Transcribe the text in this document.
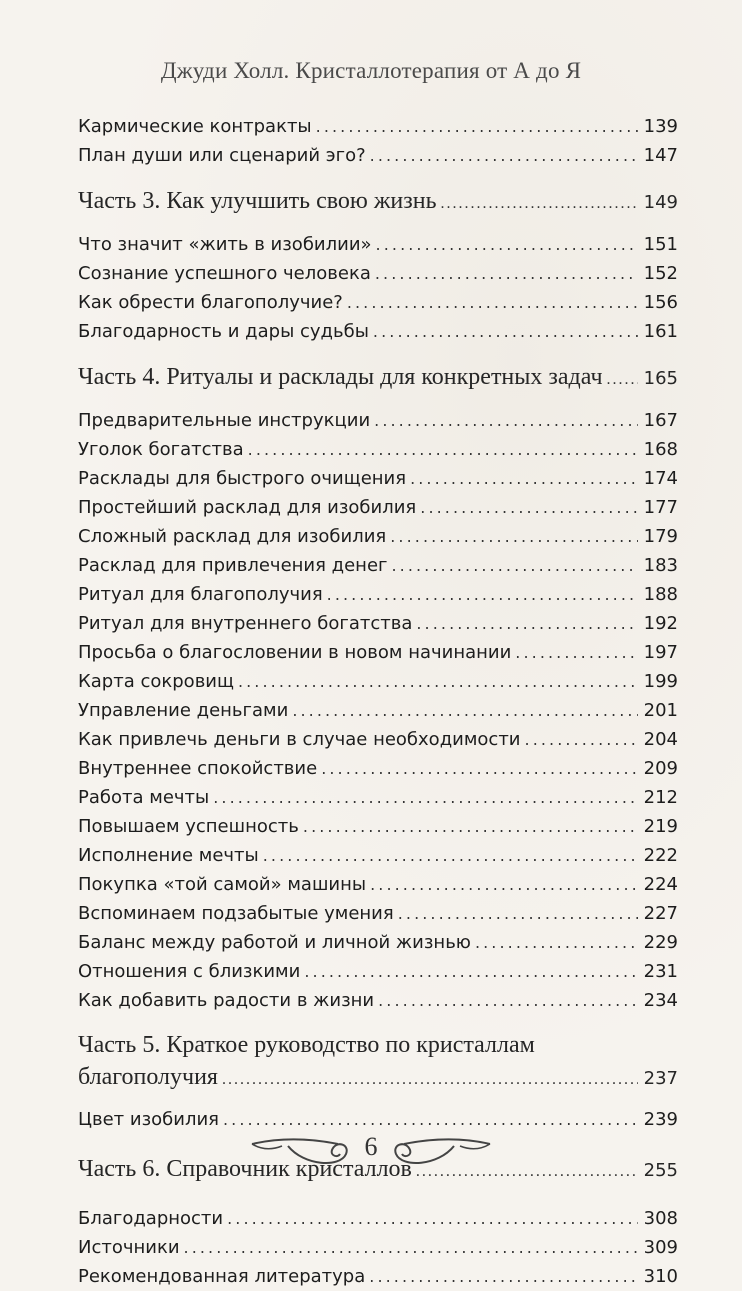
Джуди Холл. Кристаллотерапия от А до Я
Кармические контракты . . .	139
План души или сценарий эго? . . .	147
Часть 3. Как улучшить свою жизнь . . .	149
Что значит «жить в изобилии» . . .	151
Сознание успешного человека . . .	152
Как обрести благополучие? . . .	156
Благодарность и дары судьбы . . .	161
Часть 4. Ритуалы и расклады для конкретных задач . . . 165
Предварительные инструкции . . .	167
Уголок богатства . . .	168
Расклады для быстрого очищения . . .	174
Простейший расклад для изобилия . . .	177
Сложный расклад для изобилия . . .	179
Расклад для привлечения денег . . .	183
Ритуал для благополучия . . .	188
Ритуал для внутреннего богатства . . .	192
Просьба о благословении в новом начинании . . .	197
Карта сокровищ . . .	199
Управление деньгами . . .	201
Как привлечь деньги в случае необходимости . . .	204
Внутреннее спокойствие . . .	209
Работа мечты . . .	212
Повышаем успешность . . .	219
Исполнение мечты . . .	222
Покупка «той самой» машины . . .	224
Вспоминаем подзабытые умения . . .	227
Баланс между работой и личной жизнью . . .	229
Отношения с близкими . . .	231
Как добавить радости в жизни . . .	234
Часть 5. Краткое руководство по кристаллам
благополучия . . .	237
Цвет изобилия . . .	239
Часть 6. Справочник кристаллов . . .	255
Благодарности . . .	308
Источники . . .	309
Рекомендованная литература . . .	310
6
